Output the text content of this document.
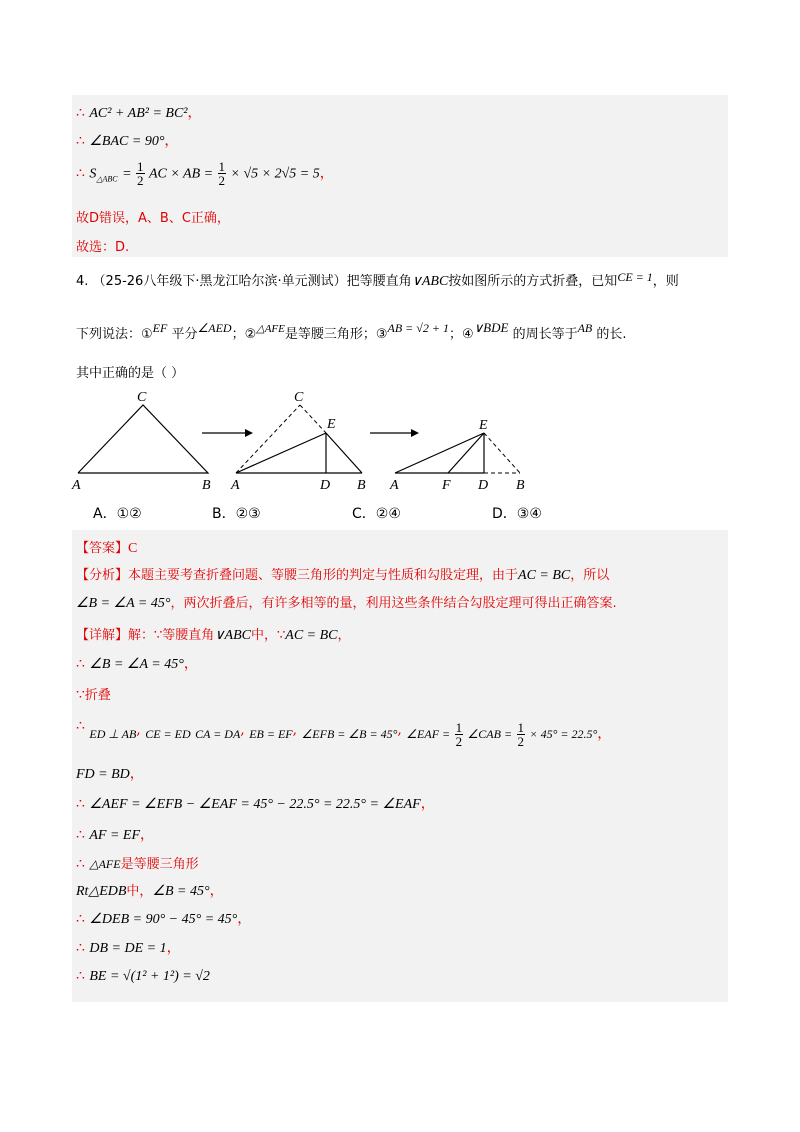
∴ AC² + AB² = BC²，
∴ ∠BAC = 90°，
∴ $S_{\triangle ABC} = \frac{1}{2}$ AC × AB = $\frac{1}{2} \times √5 \times 2√5 = 5$，
故D错误，A、B、C正确，
故选：D.
4. （25-26八年级下·黑龙江哈尔滨·单元测试）把等腰直角∨ABC按如图所示的方式折叠，已知CE = 1，则
下列说法：①EF 平分∠AED；②$^{\triangle AFE}$是等腰三角形；③AB = √2 + 1；④∨BDE 的周长等于AB 的长.
其中正确的是（ ）
C
A	B
C
E
A	D B
E
A	F D B
A．①②	B．②③	C．②④	D．③④
【答案】C
【分析】本题主要考查折叠问题、等腰三角形的判定与性质和勾股定理，由于AC = BC，所以
∠B = ∠A = 45°，两次折叠后，有许多相等的量，利用这些条件结合勾股定理可得出正确答案.
【详解】解：∵等腰直角∨ABC中，∵AC = BC，
∴ ∠B = ∠A = 45°，
∵折叠
∴ ED ⊥ AB, CE = ED CA = DA, EB = EF, ∠EFB = ∠B = 45°, ∠EAF = $\frac{1}{2}$ ∠CAB = $\frac{1}{2} \times 45^\circ = 22.5^\circ$，
FD = BD，
∴ ∠AEF = ∠EFB − ∠EAF = 45° − 22.5° = 22.5° = ∠EAF，
∴ AF = EF，
∴ △AFE是等腰三角形
Rt△EDB中，∠B = 45°，
∴ ∠DEB = 90° − 45° = 45°，
∴ DB = DE = 1，
∴ BE = √(1² + 1²) = √2
